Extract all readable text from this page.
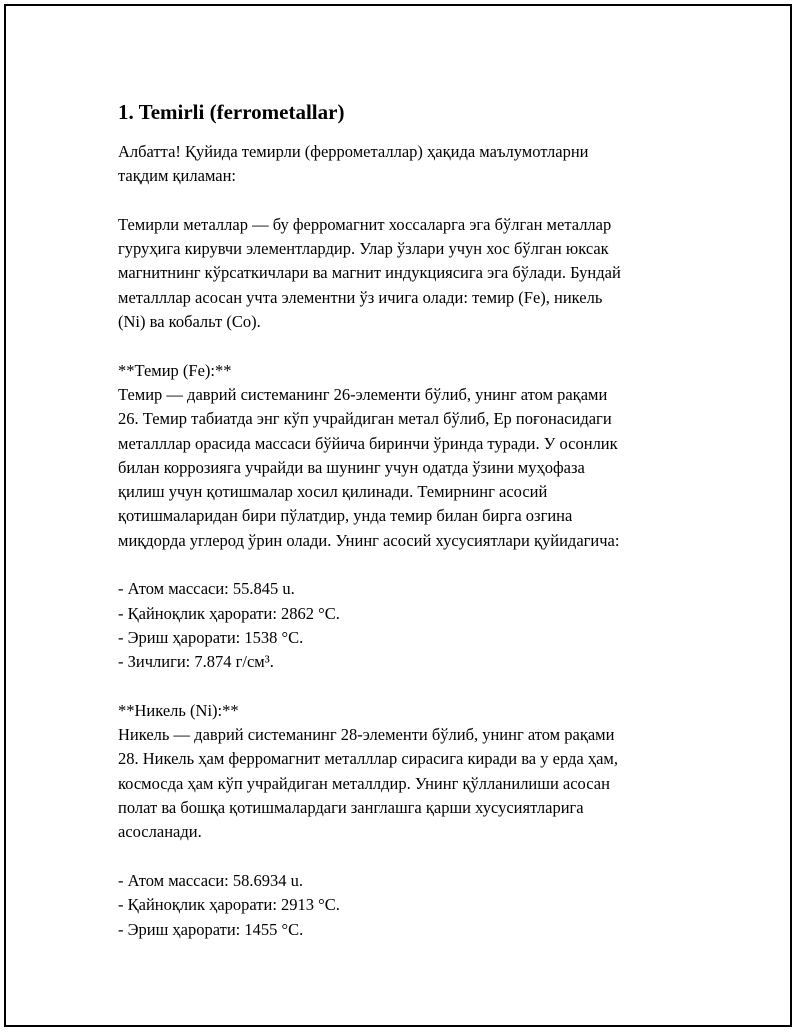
1. Temirli (ferrometallar)

Албатта! Қуйида темирли (феррометаллар) ҳақида маълумотларни
тақдим қиламан:

Темирли металлар — бу ферромагнит хоссаларга эга бўлган металлар
гуруҳига кирувчи элементлардир. Улар ўзлари учун хос бўлган юксак
магнитнинг кўрсаткичлари ва магнит индукциясига эга бўлади. Бундай
металллар асосан учта элементни ўз ичига олади: темир (Fe), никель
(Ni) ва кобальт (Co).

**Темир (Fe):**
Темир — даврий системанинг 26-элементи бўлиб, унинг атом рақами
26. Темир табиатда энг кўп учрайдиган метал бўлиб, Ер поғонасидаги
металллар орасида массаси бўйича биринчи ўринда туради. У осонлик
билан коррозияга учрайди ва шунинг учун одатда ўзини муҳофаза
қилиш учун қотишмалар хосил қилинади. Темирнинг асосий
қотишмаларидан бири пўлатдир, унда темир билан бирга озгина
миқдорда углерод ўрин олади. Унинг асосий хусусиятлари қуйидагича:

- Атом массаси: 55.845 u.
- Қайноқлик ҳарорати: 2862 °C.
- Эриш ҳарорати: 1538 °C.
- Зичлиги: 7.874 г/см³.

**Никель (Ni):**
Никель — даврий системанинг 28-элементи бўлиб, унинг атом рақами
28. Никель ҳам ферромагнит металллар сирасига киради ва у ерда ҳам,
космосда ҳам кўп учрайдиган металлдир. Унинг қўлланилиши асосан
полат ва бошқа қотишмалардаги занглашга қарши хусусиятларига
асосланади.

- Атом массаси: 58.6934 u.
- Қайноқлик ҳарорати: 2913 °C.
- Эриш ҳарорати: 1455 °C.
